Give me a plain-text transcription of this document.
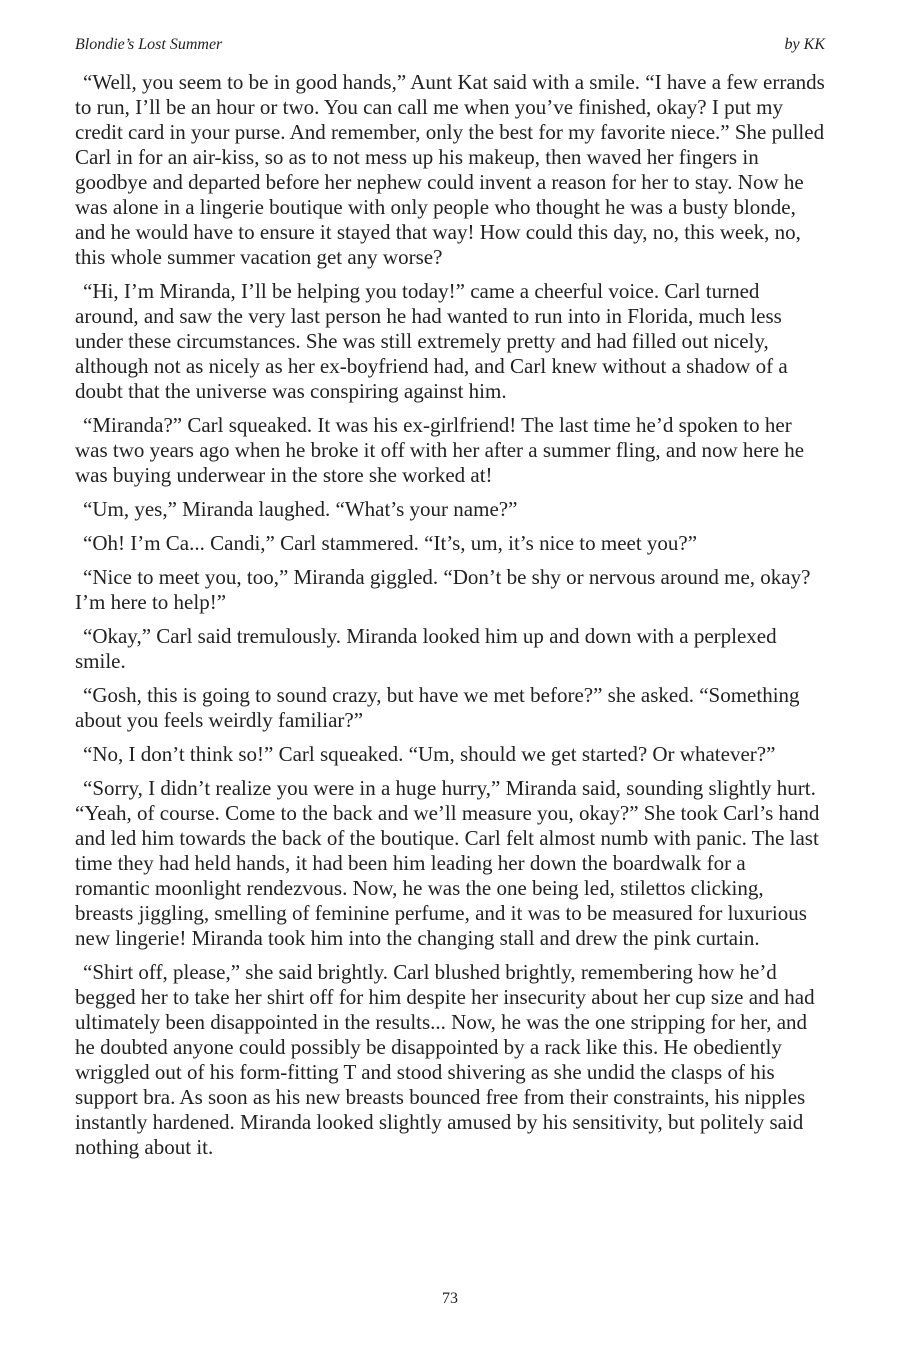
Blondie’s Lost Summer	by KK

“Well, you seem to be in good hands,” Aunt Kat said with a smile. “I have a few errands to run, I’ll be an hour or two. You can call me when you’ve finished, okay? I put my credit card in your purse. And remember, only the best for my favorite niece.” She pulled Carl in for an air-kiss, so as to not mess up his makeup, then waved her fingers in goodbye and departed before her nephew could invent a reason for her to stay. Now he was alone in a lingerie boutique with only people who thought he was a busty blonde, and he would have to ensure it stayed that way! How could this day, no, this week, no, this whole summer vacation get any worse?

“Hi, I’m Miranda, I’ll be helping you today!” came a cheerful voice. Carl turned around, and saw the very last person he had wanted to run into in Florida, much less under these circumstances. She was still extremely pretty and had filled out nicely, although not as nicely as her ex-boyfriend had, and Carl knew without a shadow of a doubt that the universe was conspiring against him.

“Miranda?” Carl squeaked. It was his ex-girlfriend! The last time he’d spoken to her was two years ago when he broke it off with her after a summer fling, and now here he was buying underwear in the store she worked at!

“Um, yes,” Miranda laughed. “What’s your name?”

“Oh! I’m Ca... Candi,” Carl stammered. “It’s, um, it’s nice to meet you?”

“Nice to meet you, too,” Miranda giggled. “Don’t be shy or nervous around me, okay? I’m here to help!”

“Okay,” Carl said tremulously. Miranda looked him up and down with a perplexed smile.

“Gosh, this is going to sound crazy, but have we met before?” she asked. “Something about you feels weirdly familiar?”

“No, I don’t think so!” Carl squeaked. “Um, should we get started? Or whatever?”

“Sorry, I didn’t realize you were in a huge hurry,” Miranda said, sounding slightly hurt. “Yeah, of course. Come to the back and we’ll measure you, okay?” She took Carl’s hand and led him towards the back of the boutique. Carl felt almost numb with panic. The last time they had held hands, it had been him leading her down the boardwalk for a romantic moonlight rendezvous. Now, he was the one being led, stilettos clicking, breasts jiggling, smelling of feminine perfume, and it was to be measured for luxurious new lingerie! Miranda took him into the changing stall and drew the pink curtain.

“Shirt off, please,” she said brightly. Carl blushed brightly, remembering how he’d begged her to take her shirt off for him despite her insecurity about her cup size and had ultimately been disappointed in the results... Now, he was the one stripping for her, and he doubted anyone could possibly be disappointed by a rack like this. He obediently wriggled out of his form-fitting T and stood shivering as she undid the clasps of his support bra. As soon as his new breasts bounced free from their constraints, his nipples instantly hardened. Miranda looked slightly amused by his sensitivity, but politely said nothing about it.

73
